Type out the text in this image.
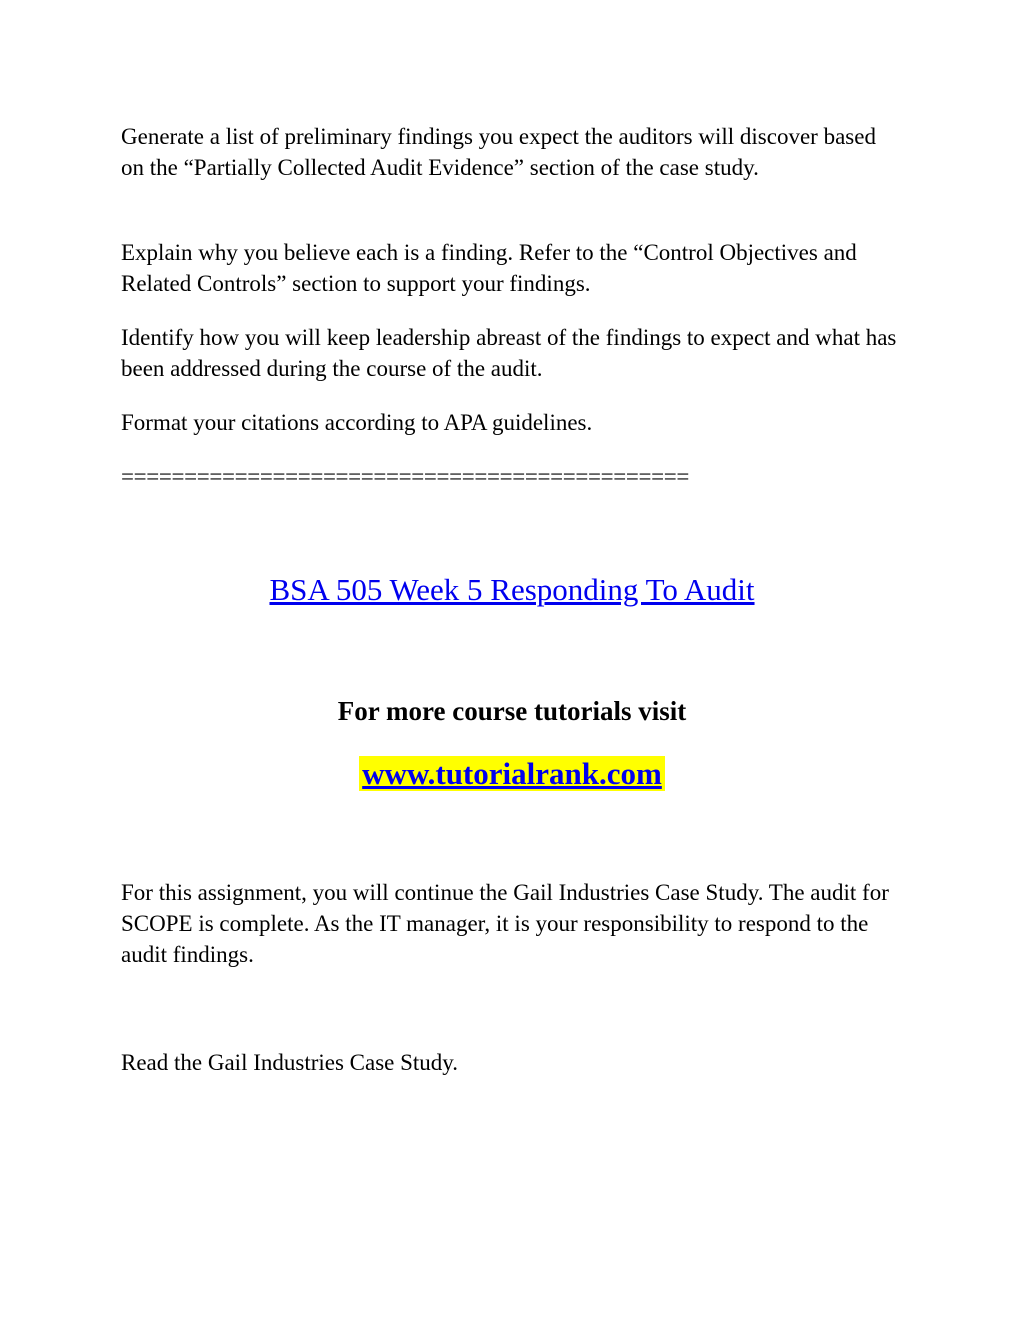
Generate a list of preliminary findings you expect the auditors will discover based on the “Partially Collected Audit Evidence” section of the case study.

Explain why you believe each is a finding. Refer to the “Control Objectives and Related Controls” section to support your findings.

Identify how you will keep leadership abreast of the findings to expect and what has been addressed during the course of the audit.

Format your citations according to APA guidelines.

=============================================

BSA 505 Week 5 Responding To Audit
For more course tutorials visit
www.tutorialrank.com

For this assignment, you will continue the Gail Industries Case Study. The audit for SCOPE is complete. As the IT manager, it is your responsibility to respond to the audit findings.

Read the Gail Industries Case Study.
